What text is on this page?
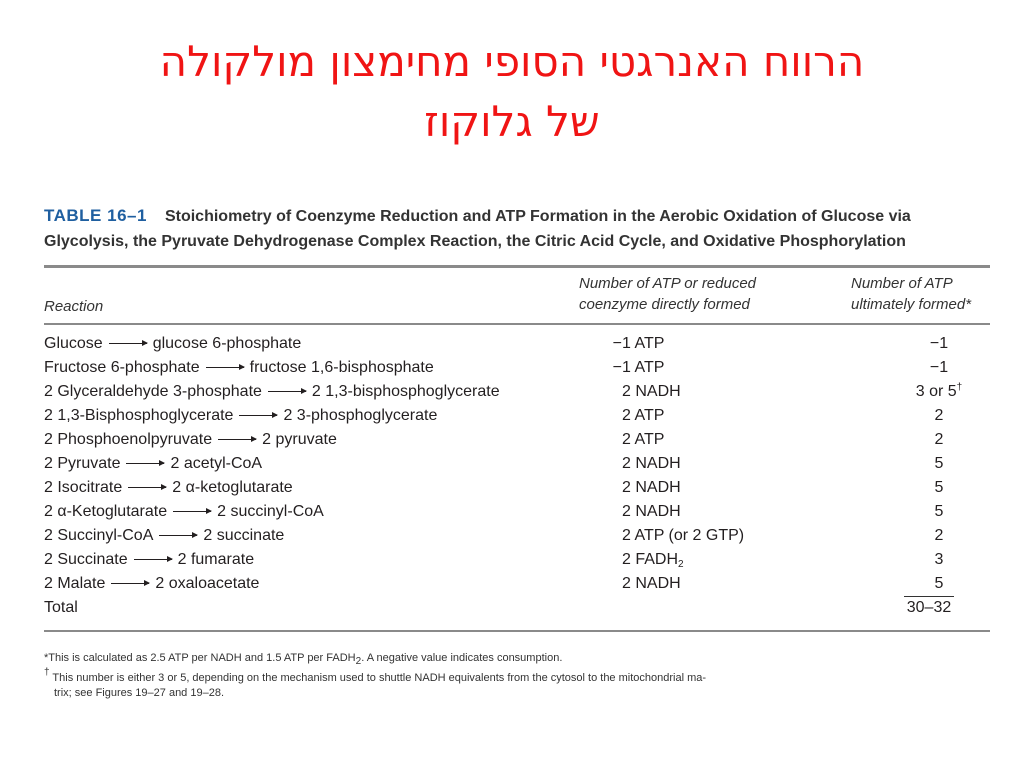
הרווח האנרגטי הסופי מחימצון מולקולה
של גלוקוז
TABLE 16–1 Stoichiometry of Coenzyme Reduction and ATP Formation in the Aerobic Oxidation of Glucose via Glycolysis, the Pyruvate Dehydrogenase Complex Reaction, the Citric Acid Cycle, and Oxidative Phosphorylation
Reaction
Number of ATP or reduced
coenzyme directly formed
Number of ATP
ultimately formed*
Glucose	glucose 6-phosphate	−1 ATP	−1
Fructose 6-phosphate	fructose 1,6-bisphosphate	−1 ATP	−1
2 Glyceraldehyde 3-phosphate	2 1,3-bisphosphoglycerate	2 NADH	3 or 5†
2 1,3-Bisphosphoglycerate	2 3-phosphoglycerate	2 ATP	2
2 Phosphoenolpyruvate	2 pyruvate	2 ATP	2
2 Pyruvate	2 acetyl-CoA	2 NADH	5
2 Isocitrate	2 α-ketoglutarate	2 NADH	5
2 α-Ketoglutarate	2 succinyl-CoA	2 NADH	5
2 Succinyl-CoA	2 succinate	2 ATP (or 2 GTP)	2
2 Succinate	2 fumarate	2 $FADH_2$	3
2 Malate	2 oxaloacetate	2 NADH	5
Total	30–32

*This is calculated as 2.5 ATP per NADH and 1.5 ATP per $FADH_2$. A negative value indicates consumption.

† This number is either 3 or 5, depending on the mechanism used to shuttle NADH equivalents from the cytosol to the mitochondrial ma-
trix; see Figures 19–27 and 19–28.
